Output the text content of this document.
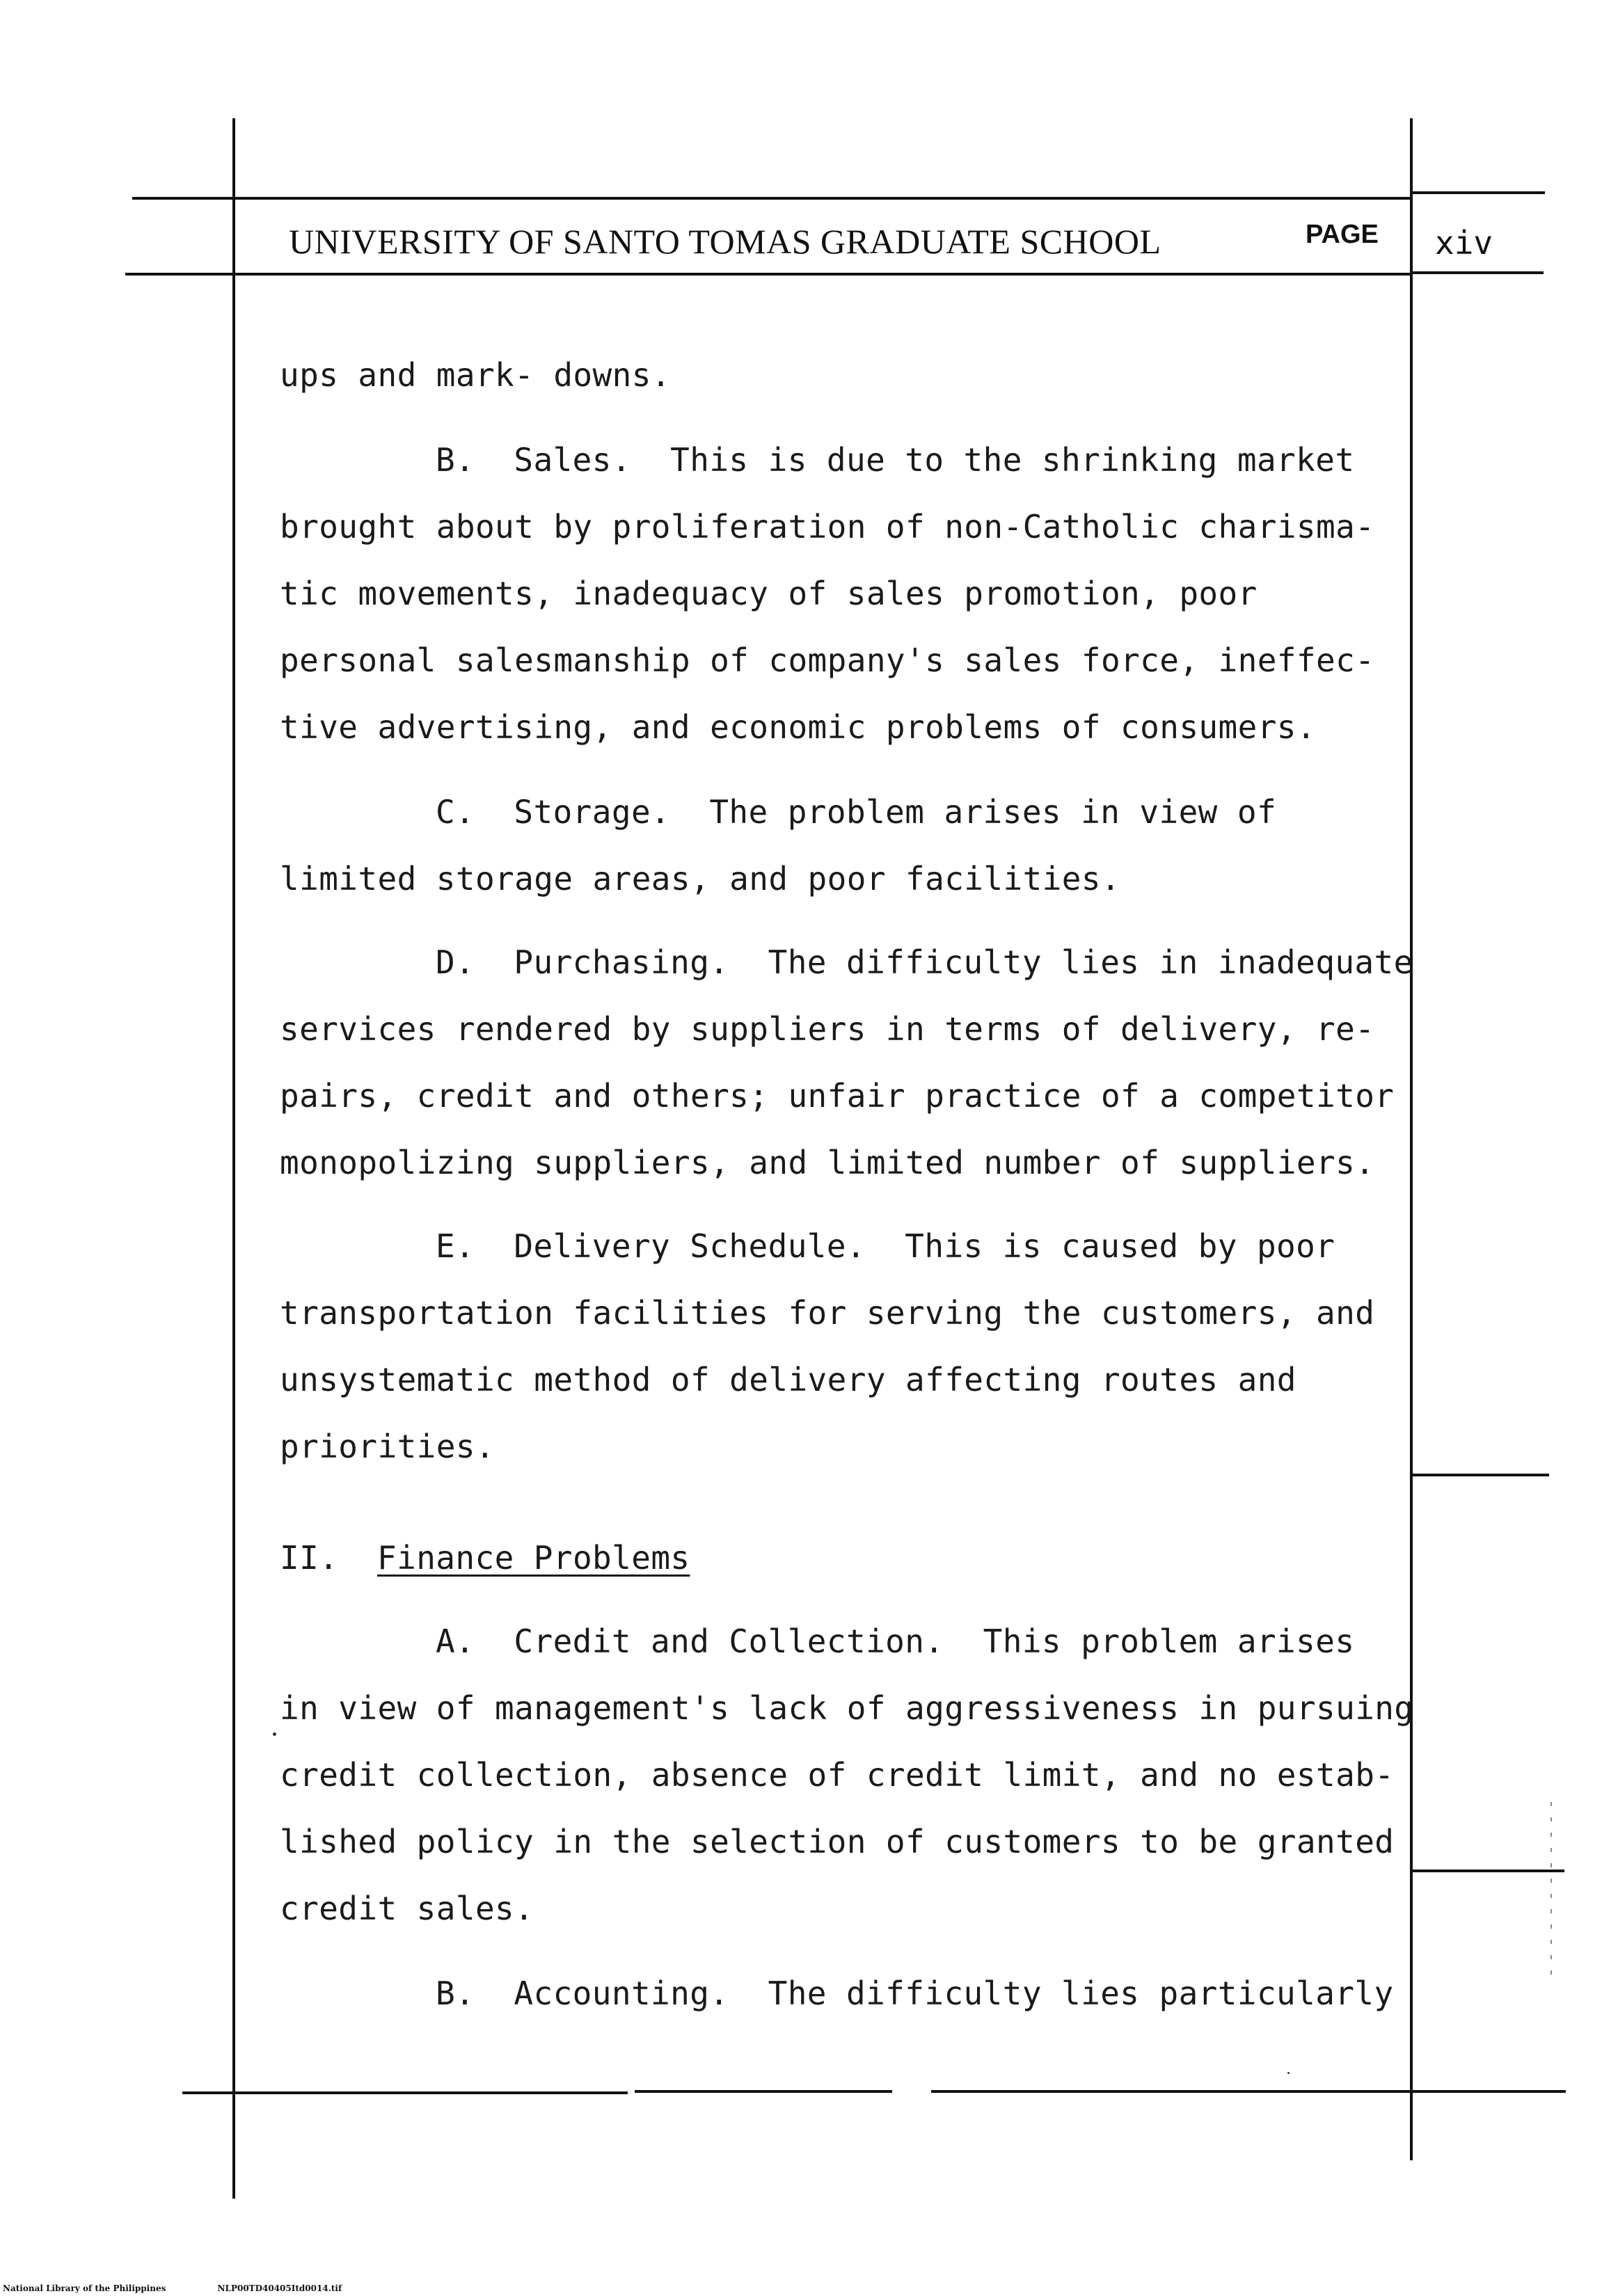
UNIVERSITY OF SANTO TOMAS GRADUATE SCHOOL	PAGE xiv
ups and mark- downs.
B.  Sales.  This is due to the shrinking market
brought about by proliferation of non-Catholic charisma-
tic movements, inadequacy of sales promotion, poor
personal salesmanship of company's sales force, ineffec-
tive advertising, and economic problems of consumers.
C.  Storage.  The problem arises in view of
limited storage areas, and poor facilities.
D.  Purchasing.  The difficulty lies in inadequate
services rendered by suppliers in terms of delivery, re-
pairs, credit and others; unfair practice of a competitor
monopolizing suppliers, and limited number of suppliers.
E.  Delivery Schedule.  This is caused by poor
transportation facilities for serving the customers, and
unsystematic method of delivery affecting routes and
priorities.
II. Finance Problems
A.  Credit and Collection.  This problem arises
in view of management's lack of aggressiveness in pursuing
credit collection, absence of credit limit, and no estab-
lished policy in the selection of customers to be granted
credit sales.
B.  Accounting.  The difficulty lies particularly
National Library of the Philippines	NLP00TD40405Itd0014.tif
